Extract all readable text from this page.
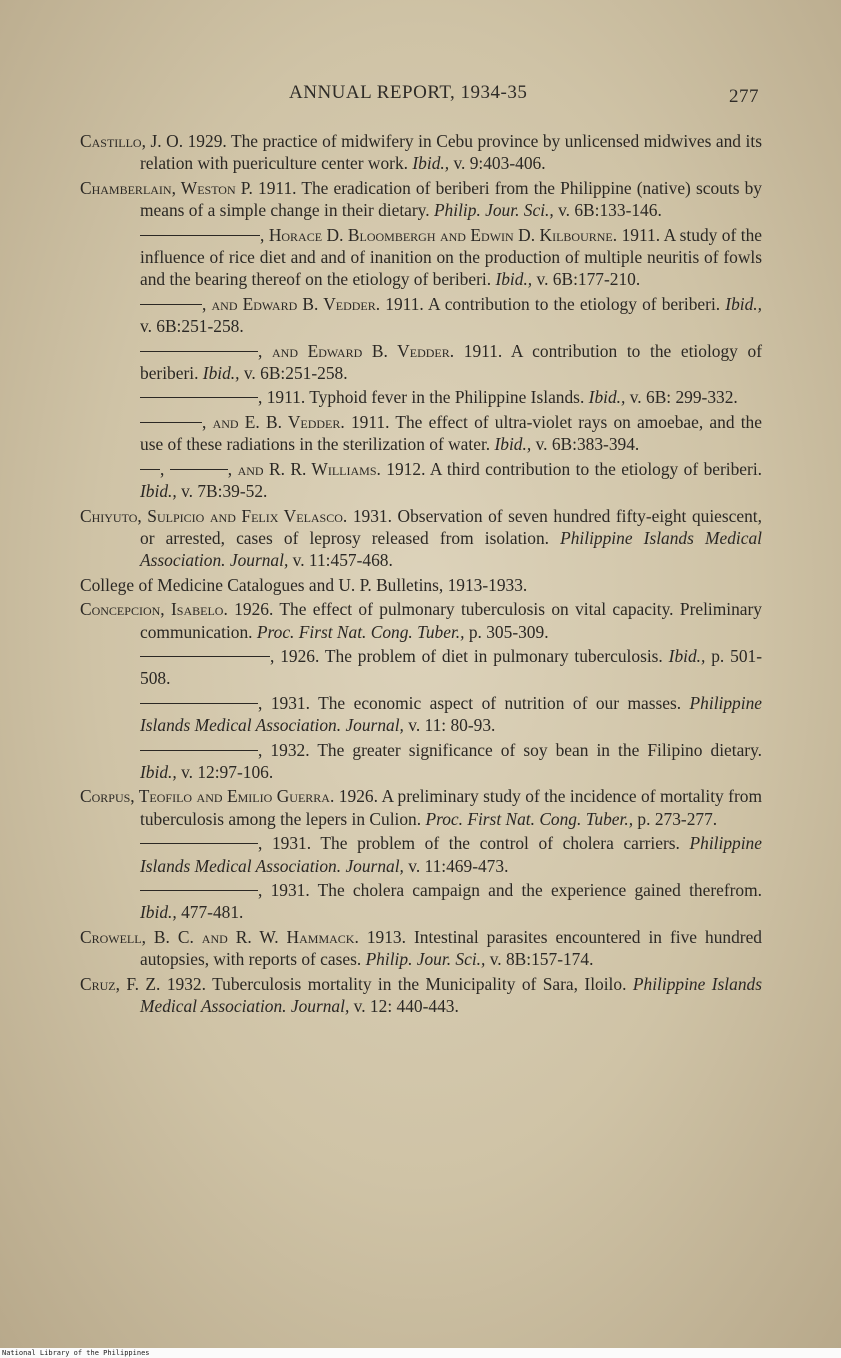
ANNUAL REPORT, 1934-35	277

Castillo, J. O. 1929. The practice of midwifery in Cebu province by unlicensed midwives and its relation with puericulture center work. Ibid., v. 9:403-406.

Chamberlain, Weston P. 1911. The eradication of beriberi from the Philippine (native) scouts by means of a simple change in their dietary. Philip. Jour. Sci., v. 6B:133-146.

, Horace D. Bloombergh and Edwin D. Kilbourne. 1911. A study of the influence of rice diet and and of inanition on the production of multiple neuritis of fowls and the bearing thereof on the etiology of beriberi. Ibid., v. 6B:177-210.

, and Edward B. Vedder. 1911. A contribution to the etiology of beriberi. Ibid., v. 6B:251-258.

, and Edward B. Vedder. 1911. A contribution to the etiology of beriberi. Ibid., v. 6B:251-258.

, 1911. Typhoid fever in the Philippine Islands. Ibid., v. 6B: 299-332.

, and E. B. Vedder. 1911. The effect of ultra-violet rays on amoebae, and the use of these radiations in the sterilization of water. Ibid., v. 6B:383-394.

,	, and R. R. Williams. 1912. A third contribution to the etiology of beriberi. Ibid., v. 7B:39-52.

Chiyuto, Sulpicio and Felix Velasco. 1931. Observation of seven hundred fifty-eight quiescent, or arrested, cases of leprosy released from isolation. Philippine Islands Medical Association. Journal, v. 11:457-468.

College of Medicine Catalogues and U. P. Bulletins, 1913-1933.

Concepcion, Isabelo. 1926. The effect of pulmonary tuberculosis on vital capacity. Preliminary communication. Proc. First Nat. Cong. Tuber., p. 305-309.

, 1926. The problem of diet in pulmonary tuberculosis. Ibid., p. 501-508.

, 1931. The economic aspect of nutrition of our masses. Philippine Islands Medical Association. Journal, v. 11: 80-93.

, 1932. The greater significance of soy bean in the Filipino dietary. Ibid., v. 12:97-106.

Corpus, Teofilo and Emilio Guerra. 1926. A preliminary study of the incidence of mortality from tuberculosis among the lepers in Culion. Proc. First Nat. Cong. Tuber., p. 273-277.

, 1931. The problem of the control of cholera carriers. Philippine Islands Medical Association. Journal, v. 11:469-473.

, 1931. The cholera campaign and the experience gained therefrom. Ibid., 477-481.

Crowell, B. C. and R. W. Hammack. 1913. Intestinal parasites encountered in five hundred autopsies, with reports of cases. Philip. Jour. Sci., v. 8B:157-174.

Cruz, F. Z. 1932. Tuberculosis mortality in the Municipality of Sara, Iloilo. Philippine Islands Medical Association. Journal, v. 12: 440-443.

National Library of the Philippines
